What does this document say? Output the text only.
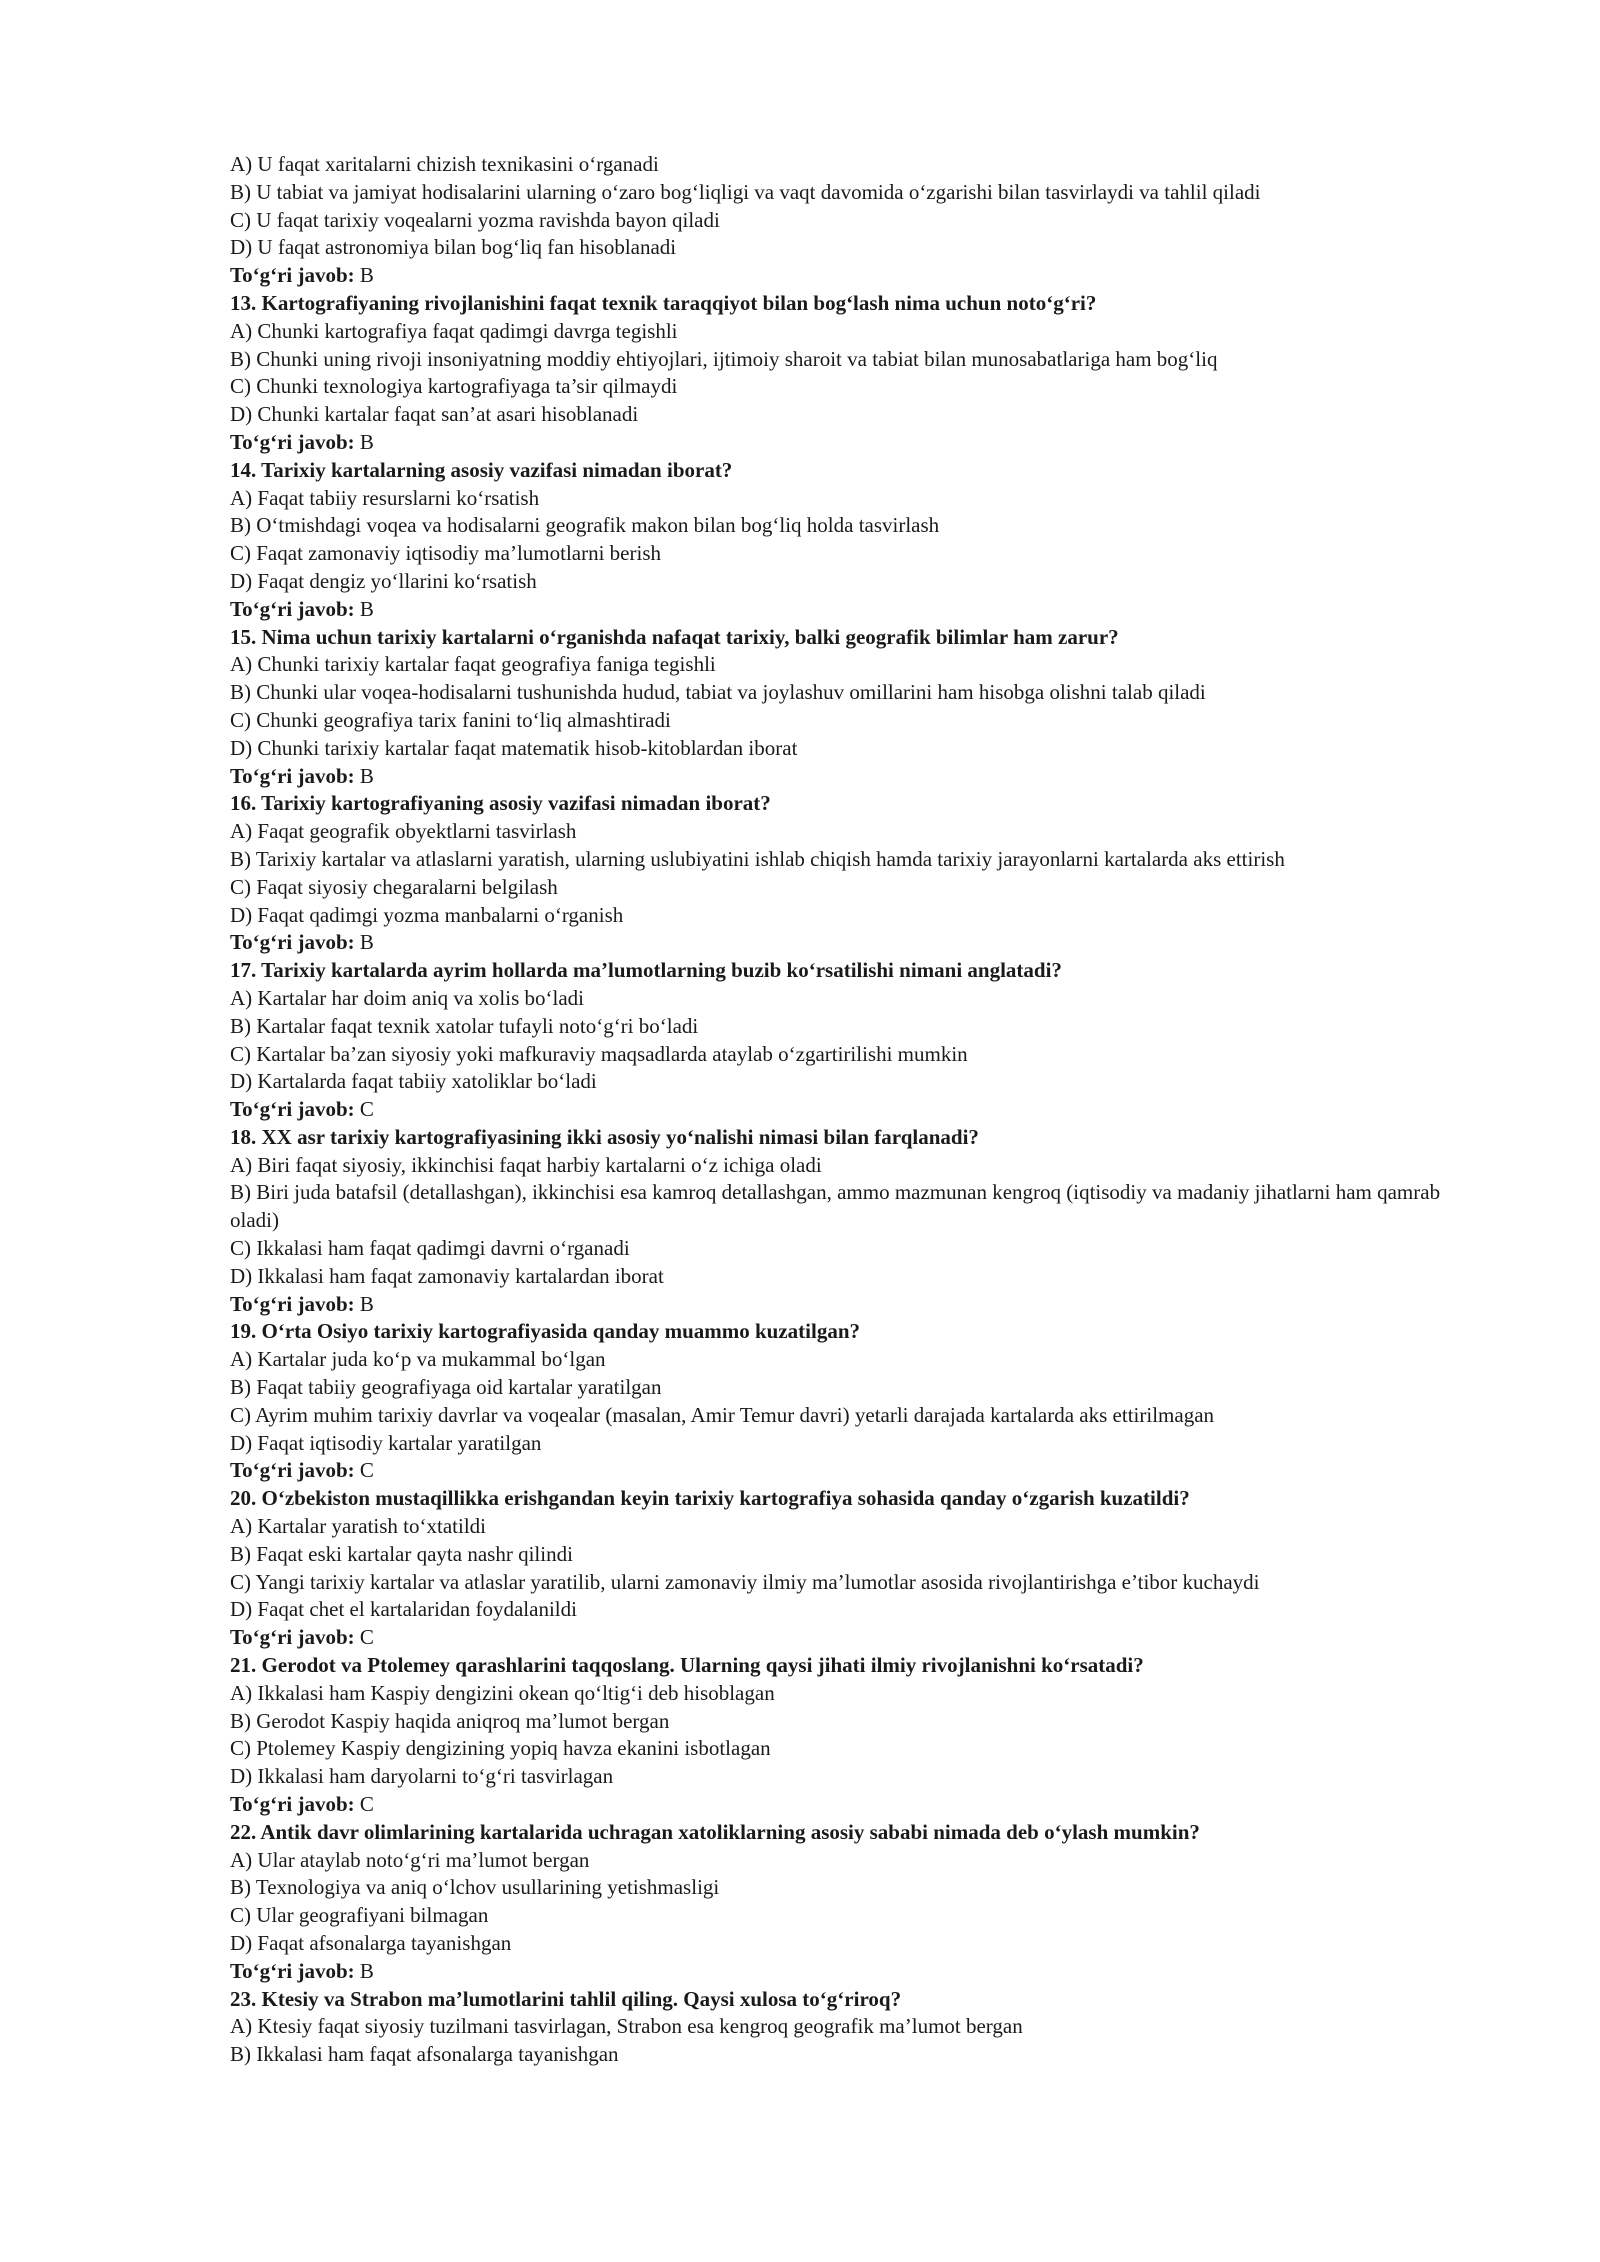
A) U faqat xaritalarni chizish texnikasini o‘rganadi
B) U tabiat va jamiyat hodisalarini ularning o‘zaro bog‘liqligi va vaqt davomida o‘zgarishi bilan tasvirlaydi va tahlil qiladi
C) U faqat tarixiy voqealarni yozma ravishda bayon qiladi
D) U faqat astronomiya bilan bog‘liq fan hisoblanadi
To‘g‘ri javob: B
13. Kartografiyaning rivojlanishini faqat texnik taraqqiyot bilan bog‘lash nima uchun noto‘g‘ri?
A) Chunki kartografiya faqat qadimgi davrga tegishli
B) Chunki uning rivoji insoniyatning moddiy ehtiyojlari, ijtimoiy sharoit va tabiat bilan munosabatlariga ham bog‘liq
C) Chunki texnologiya kartografiyaga ta’sir qilmaydi
D) Chunki kartalar faqat san’at asari hisoblanadi
To‘g‘ri javob: B
14. Tarixiy kartalarning asosiy vazifasi nimadan iborat?
A) Faqat tabiiy resurslarni ko‘rsatish
B) O‘tmishdagi voqea va hodisalarni geografik makon bilan bog‘liq holda tasvirlash
C) Faqat zamonaviy iqtisodiy ma’lumotlarni berish
D) Faqat dengiz yo‘llarini ko‘rsatish
To‘g‘ri javob: B
15. Nima uchun tarixiy kartalarni o‘rganishda nafaqat tarixiy, balki geografik bilimlar ham zarur?
A) Chunki tarixiy kartalar faqat geografiya faniga tegishli
B) Chunki ular voqea-hodisalarni tushunishda hudud, tabiat va joylashuv omillarini ham hisobga olishni talab qiladi
C) Chunki geografiya tarix fanini to‘liq almashtiradi
D) Chunki tarixiy kartalar faqat matematik hisob-kitoblardan iborat
To‘g‘ri javob: B
16. Tarixiy kartografiyaning asosiy vazifasi nimadan iborat?
A) Faqat geografik obyektlarni tasvirlash
B) Tarixiy kartalar va atlaslarni yaratish, ularning uslubiyatini ishlab chiqish hamda tarixiy jarayonlarni kartalarda aks ettirish
C) Faqat siyosiy chegaralarni belgilash
D) Faqat qadimgi yozma manbalarni o‘rganish
To‘g‘ri javob: B
17. Tarixiy kartalarda ayrim hollarda ma’lumotlarning buzib ko‘rsatilishi nimani anglatadi?
A) Kartalar har doim aniq va xolis bo‘ladi
B) Kartalar faqat texnik xatolar tufayli noto‘g‘ri bo‘ladi
C) Kartalar ba’zan siyosiy yoki mafkuraviy maqsadlarda ataylab o‘zgartirilishi mumkin
D) Kartalarda faqat tabiiy xatoliklar bo‘ladi
To‘g‘ri javob: C
18. XX asr tarixiy kartografiyasining ikki asosiy yo‘nalishi nimasi bilan farqlanadi?
A) Biri faqat siyosiy, ikkinchisi faqat harbiy kartalarni o‘z ichiga oladi
B) Biri juda batafsil (detallashgan), ikkinchisi esa kamroq detallashgan, ammo mazmunan kengroq (iqtisodiy va madaniy jihatlarni ham qamrab oladi)
C) Ikkalasi ham faqat qadimgi davrni o‘rganadi
D) Ikkalasi ham faqat zamonaviy kartalardan iborat
To‘g‘ri javob: B
19. O‘rta Osiyo tarixiy kartografiyasida qanday muammo kuzatilgan?
A) Kartalar juda ko‘p va mukammal bo‘lgan
B) Faqat tabiiy geografiyaga oid kartalar yaratilgan
C) Ayrim muhim tarixiy davrlar va voqealar (masalan, Amir Temur davri) yetarli darajada kartalarda aks ettirilmagan
D) Faqat iqtisodiy kartalar yaratilgan
To‘g‘ri javob: C
20. O‘zbekiston mustaqillikka erishgandan keyin tarixiy kartografiya sohasida qanday o‘zgarish kuzatildi?
A) Kartalar yaratish to‘xtatildi
B) Faqat eski kartalar qayta nashr qilindi
C) Yangi tarixiy kartalar va atlaslar yaratilib, ularni zamonaviy ilmiy ma’lumotlar asosida rivojlantirishga e’tibor kuchaydi
D) Faqat chet el kartalaridan foydalanildi
To‘g‘ri javob: C
21. Gerodot va Ptolemey qarashlarini taqqoslang. Ularning qaysi jihati ilmiy rivojlanishni ko‘rsatadi?
A) Ikkalasi ham Kaspiy dengizini okean qo‘ltig‘i deb hisoblagan
B) Gerodot Kaspiy haqida aniqroq ma’lumot bergan
C) Ptolemey Kaspiy dengizining yopiq havza ekanini isbotlagan
D) Ikkalasi ham daryolarni to‘g‘ri tasvirlagan
To‘g‘ri javob: C
22. Antik davr olimlarining kartalarida uchragan xatoliklarning asosiy sababi nimada deb o‘ylash mumkin?
A) Ular ataylab noto‘g‘ri ma’lumot bergan
B) Texnologiya va aniq o‘lchov usullarining yetishmasligi
C) Ular geografiyani bilmagan
D) Faqat afsonalarga tayanishgan
To‘g‘ri javob: B
23. Ktesiy va Strabon ma’lumotlarini tahlil qiling. Qaysi xulosa to‘g‘riroq?
A) Ktesiy faqat siyosiy tuzilmani tasvirlagan, Strabon esa kengroq geografik ma’lumot bergan
B) Ikkalasi ham faqat afsonalarga tayanishgan
